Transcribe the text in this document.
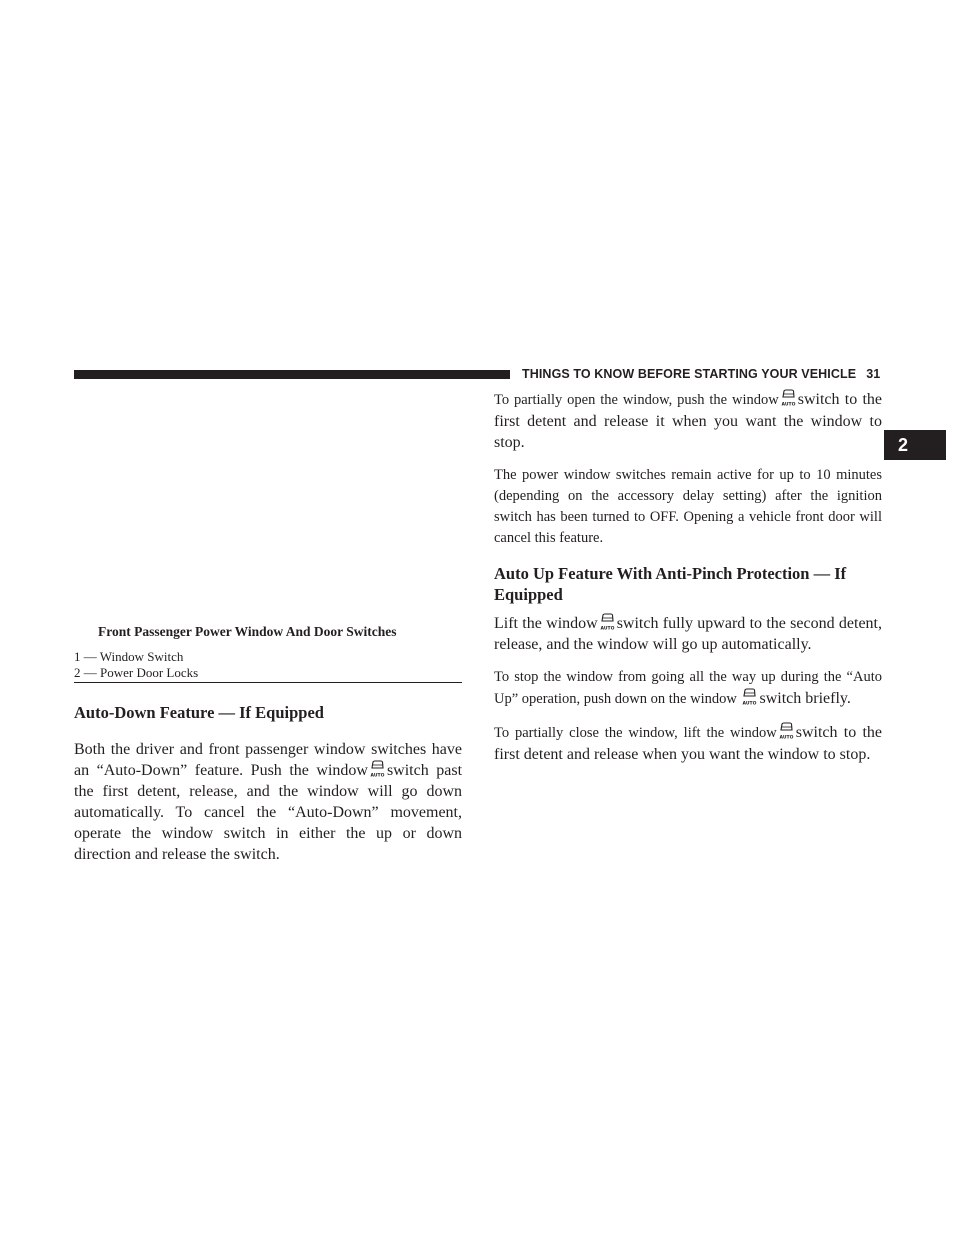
THINGS TO KNOW BEFORE STARTING YOUR VEHICLE 31
2
Front Passenger Power Window And Door Switches
1 — Window Switch
2 — Power Door Locks
Auto-Down Feature — If Equipped

Both the driver and front passenger window switches have an “Auto-Down” feature. Push the window AUTO switch past the first detent, release, and the window will go down automatically. To cancel the “Auto-Down” movement, operate the window switch in either the up or down direction and release the switch.

To partially open the window, push the window AUTO switch to the first detent and release it when you want the window to stop.

The power window switches remain active for up to 10 minutes (depending on the accessory delay setting) after the ignition switch has been turned to OFF. Opening a vehicle front door will cancel this feature.

Auto Up Feature With Anti-Pinch Protection — If Equipped

Lift the window AUTO switch fully upward to the second detent, release, and the window will go up automatically.

To stop the window from going all the way up during the “Auto Up” operation, push down on the window AUTO switch briefly.

To partially close the window, lift the window AUTO switch to the first detent and release when you want the window to stop.
